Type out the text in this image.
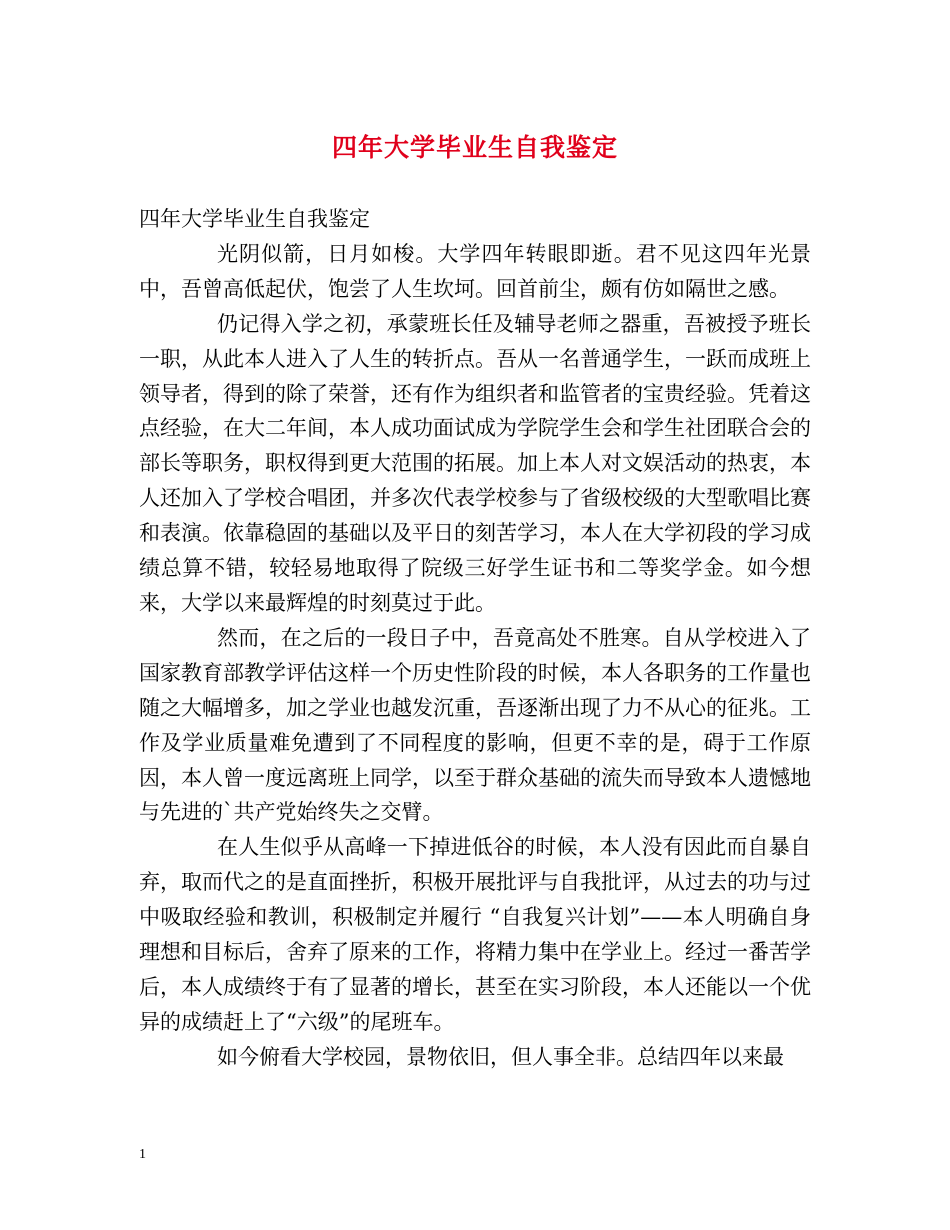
四年大学毕业生自我鉴定

四年大学毕业生自我鉴定

光阴似箭，日月如梭。大学四年转眼即逝。君不见这四年光景中，吾曾高低起伏，饱尝了人生坎坷。回首前尘，颇有仿如隔世之感。

仍记得入学之初，承蒙班长任及辅导老师之器重，吾被授予班长一职，从此本人进入了人生的转折点。吾从一名普通学生，一跃而成班上领导者，得到的除了荣誉，还有作为组织者和监管者的宝贵经验。凭着这点经验，在大二年间，本人成功面试成为学院学生会和学生社团联合会的部长等职务，职权得到更大范围的拓展。加上本人对文娱活动的热衷，本人还加入了学校合唱团，并多次代表学校参与了省级校级的大型歌唱比赛和表演。依靠稳固的基础以及平日的刻苦学习，本人在大学初段的学习成绩总算不错，较轻易地取得了院级三好学生证书和二等奖学金。如今想来，大学以来最辉煌的时刻莫过于此。

然而，在之后的一段日子中，吾竟高处不胜寒。自从学校进入了国家教育部教学评估这样一个历史性阶段的时候，本人各职务的工作量也随之大幅增多，加之学业也越发沉重，吾逐渐出现了力不从心的征兆。工作及学业质量难免遭到了不同程度的影响，但更不幸的是，碍于工作原因，本人曾一度远离班上同学，以至于群众基础的流失而导致本人遗憾地与先进的`共产党始终失之交臂。

在人生似乎从高峰一下掉进低谷的时候，本人没有因此而自暴自弃，取而代之的是直面挫折，积极开展批评与自我批评，从过去的功与过中吸取经验和教训，积极制定并履行 “自我复兴计划”——本人明确自身理想和目标后，舍弃了原来的工作，将精力集中在学业上。经过一番苦学后，本人成绩终于有了显著的增长，甚至在实习阶段，本人还能以一个优异的成绩赶上了“六级”的尾班车。

如今俯看大学校园，景物依旧，但人事全非。总结四年以来最

1
